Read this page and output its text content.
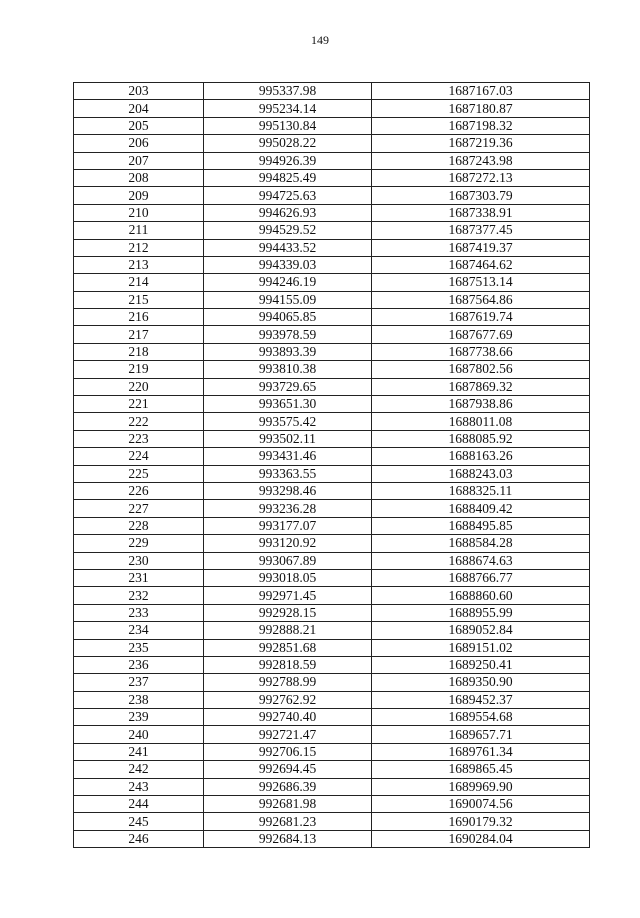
149
203	995337.98	1687167.03
204	995234.14	1687180.87
205	995130.84	1687198.32
206	995028.22	1687219.36
207	994926.39	1687243.98
208	994825.49	1687272.13
209	994725.63	1687303.79
210	994626.93	1687338.91
211	994529.52	1687377.45
212	994433.52	1687419.37
213	994339.03	1687464.62
214	994246.19	1687513.14
215	994155.09	1687564.86
216	994065.85	1687619.74
217	993978.59	1687677.69
218	993893.39	1687738.66
219	993810.38	1687802.56
220	993729.65	1687869.32
221	993651.30	1687938.86
222	993575.42	1688011.08
223	993502.11	1688085.92
224	993431.46	1688163.26
225	993363.55	1688243.03
226	993298.46	1688325.11
227	993236.28	1688409.42
228	993177.07	1688495.85
229	993120.92	1688584.28
230	993067.89	1688674.63
231	993018.05	1688766.77
232	992971.45	1688860.60
233	992928.15	1688955.99
234	992888.21	1689052.84
235	992851.68	1689151.02
236	992818.59	1689250.41
237	992788.99	1689350.90
238	992762.92	1689452.37
239	992740.40	1689554.68
240	992721.47	1689657.71
241	992706.15	1689761.34
242	992694.45	1689865.45
243	992686.39	1689969.90
244	992681.98	1690074.56
245	992681.23	1690179.32
246	992684.13	1690284.04
